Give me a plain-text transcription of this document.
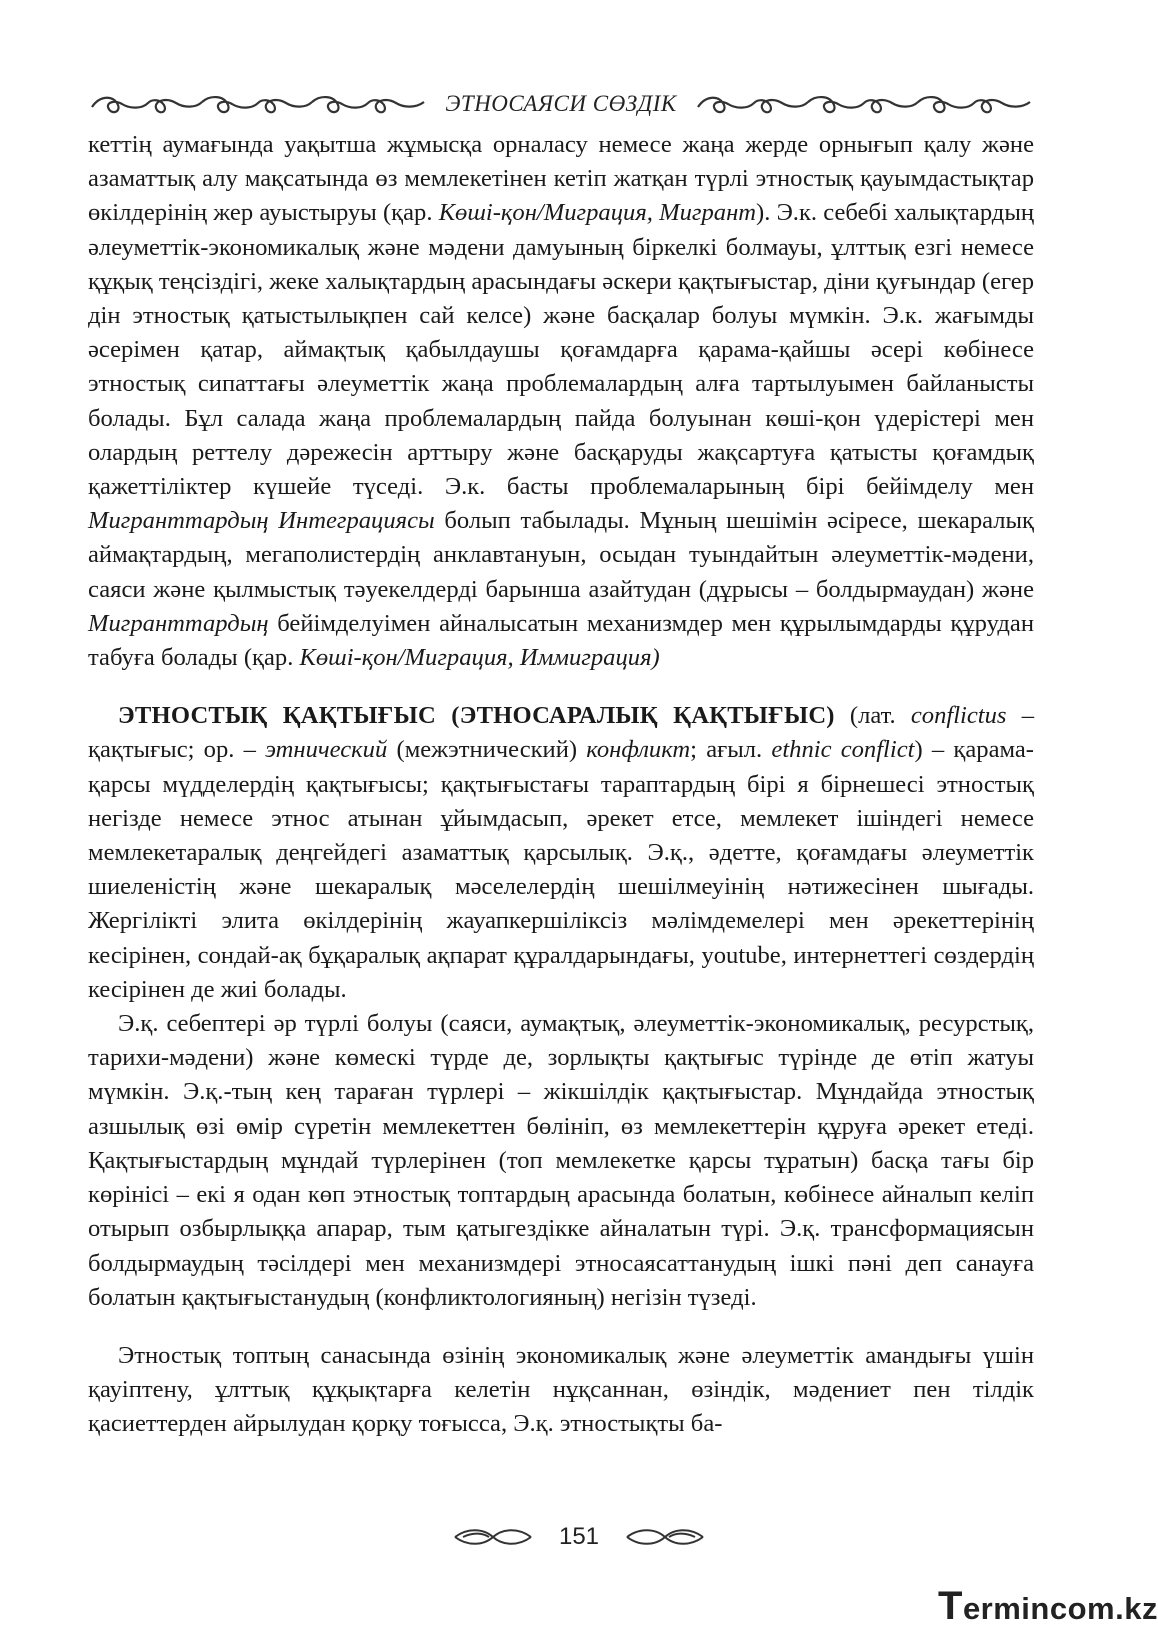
ЭТНОСАЯСИ СӨЗДІК

кеттің аумағында уақытша жұмысқа орналасу немесе жаңа жерде орнығып қалу және азаматтық алу мақсатында өз мемлекетінен кетіп жатқан түрлі этностық қауымдастықтар өкілдерінің жер ауыстыруы (қар. Көші-қон/Миграция, Мигрант). Э.к. себебі халықтардың әлеуметтік-экономикалық және мәдени дамуының біркелкі болмауы, ұлттық езгі немесе құқық теңсіздігі, жеке халықтардың арасындағы әскери қақтығыстар, діни қуғындар (егер дін этностық қатыстылықпен сай келсе) және басқалар болуы мүмкін. Э.к. жағымды әсерімен қатар, аймақтық қабылдаушы қоғамдарға қарама-қайшы әсері көбінесе этностық сипаттағы әлеуметтік жаңа проблемалардың алға тартылуымен байланысты болады. Бұл салада жаңа проблемалардың пайда болуынан көші-қон үдерістері мен олардың реттелу дәрежесін арттыру және басқаруды жақсартуға қатысты қоғамдық қажеттіліктер күшейе түседі. Э.к. басты проблемаларының бірі бейімделу мен Мигранттардың Интеграциясы болып табылады. Мұның шешімін әсіресе, шекаралық аймақтардың, мегаполистердің анклавтануын, осыдан туындайтын әлеуметтік-мәдени, саяси және қылмыстық тәуекелдерді барынша азайтудан (дұрысы – болдырмаудан) және Мигранттардың бейімделуімен айналысатын механизмдер мен құрылымдарды құрудан табуға болады (қар. Көші-қон/Миграция, Иммиграция)

ЭТНОСТЫҚ ҚАҚТЫҒЫС (ЭТНОСАРАЛЫҚ ҚАҚТЫҒЫС) (лат. conflictus – қақтығыс; ор. – этнический (межэтнический) конфликт; ағыл. ethnic conflict) – қарама-қарсы мүдделердің қақтығысы; қақтығыстағы тараптардың бірі я бірнешесі этностық негізде немесе этнос атынан ұйымдасып, әрекет етсе, мемлекет ішіндегі немесе мемлекетаралық деңгейдегі азаматтық қарсылық. Э.қ., әдетте, қоғамдағы әлеуметтік шиеленістің және шекаралық мәселелердің шешілмеуінің нәтижесінен шығады. Жергілікті элита өкілдерінің жауапкершіліксіз мәлімдемелері мен әрекеттерінің кесірінен, сондай-ақ бұқаралық ақпарат құралдарындағы, youtube, интернеттегі сөздердің кесірінен де жиі болады.

Э.қ. себептері әр түрлі болуы (саяси, аумақтық, әлеуметтік-экономикалық, ресурстық, тарихи-мәдени) және көмескі түрде де, зорлықты қақтығыс түрінде де өтіп жатуы мүмкін. Э.қ.-тың кең тараған түрлері – жікшілдік қақтығыстар. Мұндайда этностық азшылық өзі өмір сүретін мемлекеттен бөлініп, өз мемлекеттерін құруға әрекет етеді. Қақтығыстардың мұндай түрлерінен (топ мемлекетке қарсы тұратын) басқа тағы бір көрінісі – екі я одан көп этностық топтардың арасында болатын, көбінесе айналып келіп отырып озбырлыққа апарар, тым қатыгездікке айналатын түрі. Э.қ. трансформациясын болдырмаудың тәсілдері мен механизмдері этносаясаттанудың ішкі пәні деп санауға болатын қақтығыстанудың (конфликтологияның) негізін түзеді.

Этностық топтың санасында өзінің экономикалық және әлеуметтік амандығы үшін қауіптену, ұлттық құқықтарға келетін нұқсаннан, өзіндік, мәдениет пен тілдік қасиеттерден айрылудан қорқу тоғысса, Э.қ. этностықты ба-

151
Termincom.kz
